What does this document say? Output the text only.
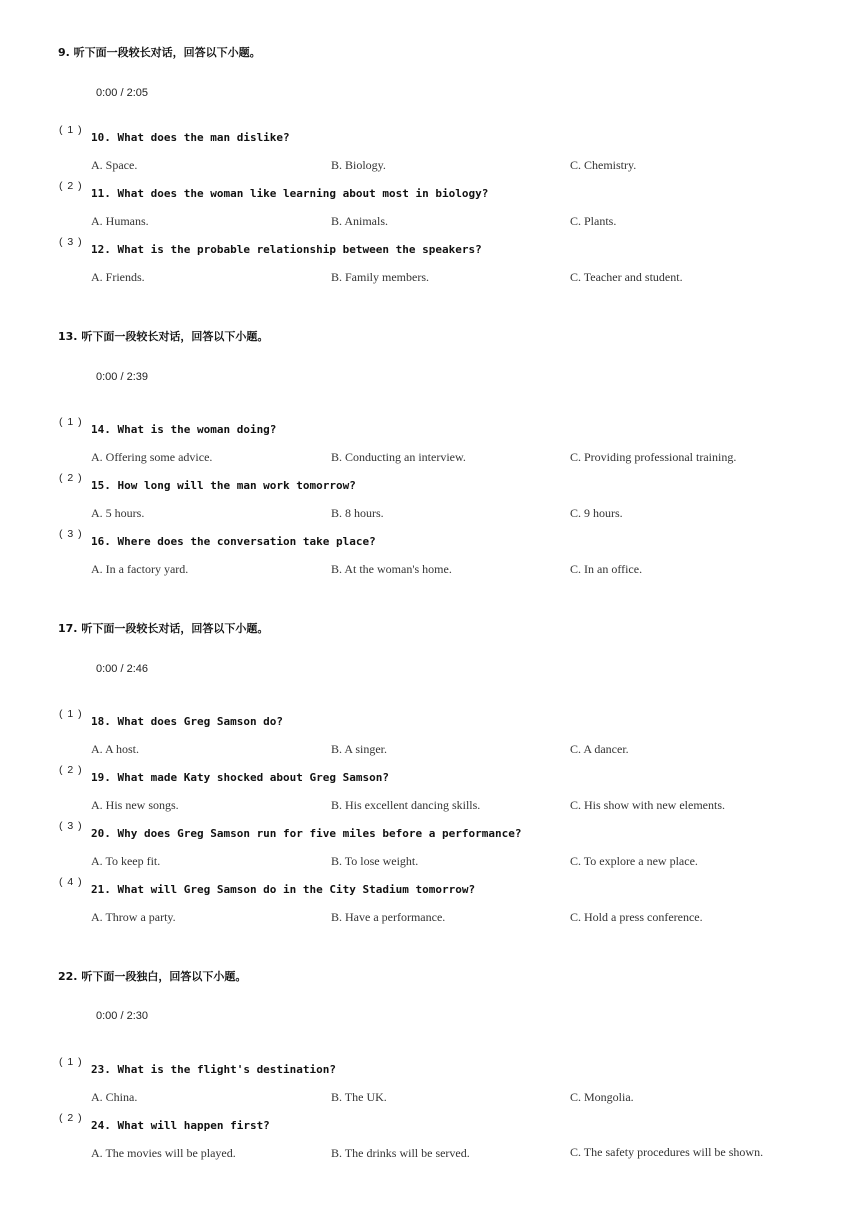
9. 听下面一段较长对话，回答以下小题。
0:00 / 2:05
( 1 )
10. What does the man dislike?
A. Space.	B. Biology.	C. Chemistry.
( 2 )
11. What does the woman like learning about most in biology?
A. Humans.	B. Animals.	C. Plants.
( 3 )
12. What is the probable relationship between the speakers?
A. Friends.	B. Family members.	C. Teacher and student.
13. 听下面一段较长对话，回答以下小题。
0:00 / 2:39
( 1 )
14. What is the woman doing?
A. Offering some advice.	B. Conducting an interview.	C. Providing professional training.
( 2 )
15. How long will the man work tomorrow?
A. 5 hours.	B. 8 hours.	C. 9 hours.
( 3 )
16. Where does the conversation take place?
A. In a factory yard.	B. At the woman's home.	C. In an office.
17. 听下面一段较长对话，回答以下小题。
0:00 / 2:46
( 1 )
18. What does Greg Samson do?
A. A host.	B. A singer.	C. A dancer.
( 2 )
19. What made Katy shocked about Greg Samson?
A. His new songs.	B. His excellent dancing skills.	C. His show with new elements.
( 3 )
20. Why does Greg Samson run for five miles before a performance?
A. To keep fit.	B. To lose weight.	C. To explore a new place.
( 4 )
21. What will Greg Samson do in the City Stadium tomorrow?
A. Throw a party.	B. Have a performance.	C. Hold a press conference.
22. 听下面一段独白，回答以下小题。
0:00 / 2:30
( 1 )
23. What is the flight's destination?
A. China.	B. The UK.	C. Mongolia.
( 2 )
24. What will happen first?
A. The movies will be played.	B. The drinks will be served.	C. The safety procedures will be shown.
